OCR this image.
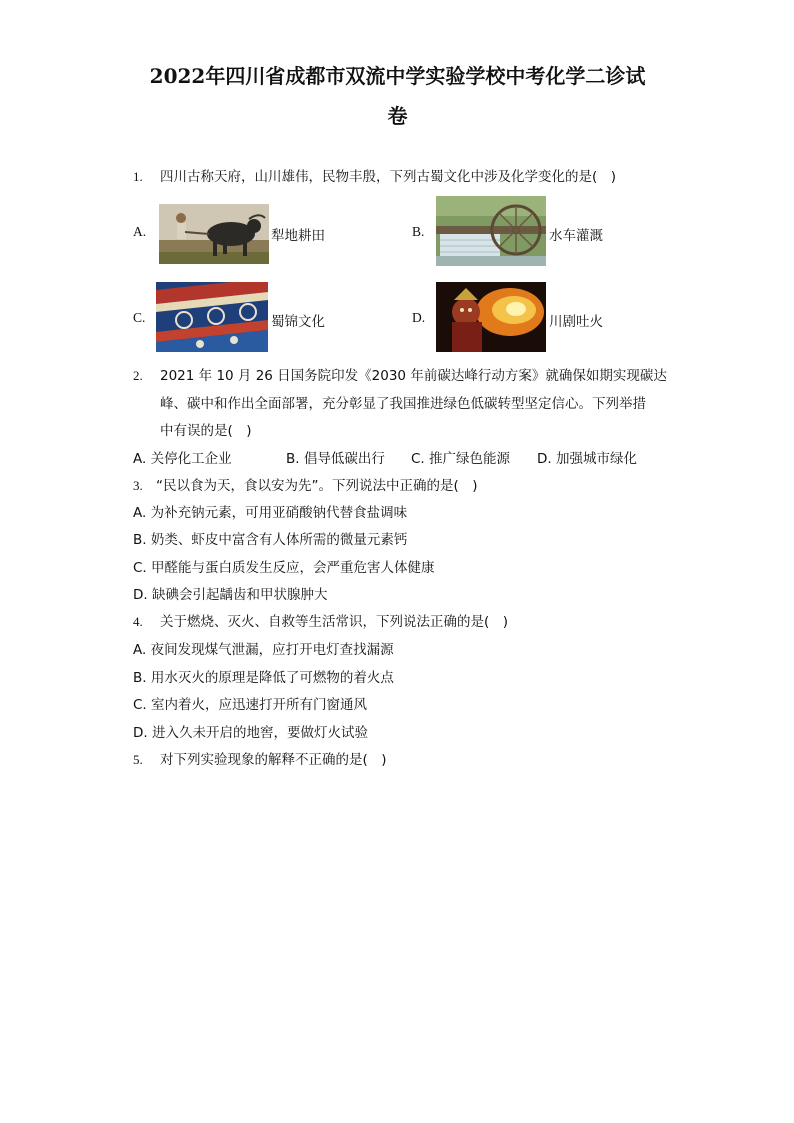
2022年四川省成都市双流中学实验学校中考化学二诊试
卷
1. 四川古称天府，山川雄伟，民物丰殷，下列古蜀文化中涉及化学变化的是(　)
A.	犁地耕田	B.	水车灌溉
C.	蜀锦文化	D.	川剧吐火
2. 2021 年 10 月 26 日国务院印发《2030 年前碳达峰行动方案》就确保如期实现碳达
峰、碳中和作出全面部署，充分彰显了我国推进绿色低碳转型坚定信心。下列举措
中有误的是(　)
A. 关停化工企业	B. 倡导低碳出行 C. 推广绿色能源 D. 加强城市绿化
3. “民以食为天，食以安为先”。下列说法中正确的是(　)
A. 为补充钠元素，可用亚硝酸钠代替食盐调味
B. 奶类、虾皮中富含有人体所需的微量元素钙
C. 甲醛能与蛋白质发生反应，会严重危害人体健康
D. 缺碘会引起龋齿和甲状腺肿大
4. 关于燃烧、灭火、自救等生活常识，下列说法正确的是(　)
A. 夜间发现煤气泄漏，应打开电灯查找漏源
B. 用水灭火的原理是降低了可燃物的着火点
C. 室内着火，应迅速打开所有门窗通风
D. 进入久未开启的地窖，要做灯火试验
5. 对下列实验现象的解释不正确的是(　)
